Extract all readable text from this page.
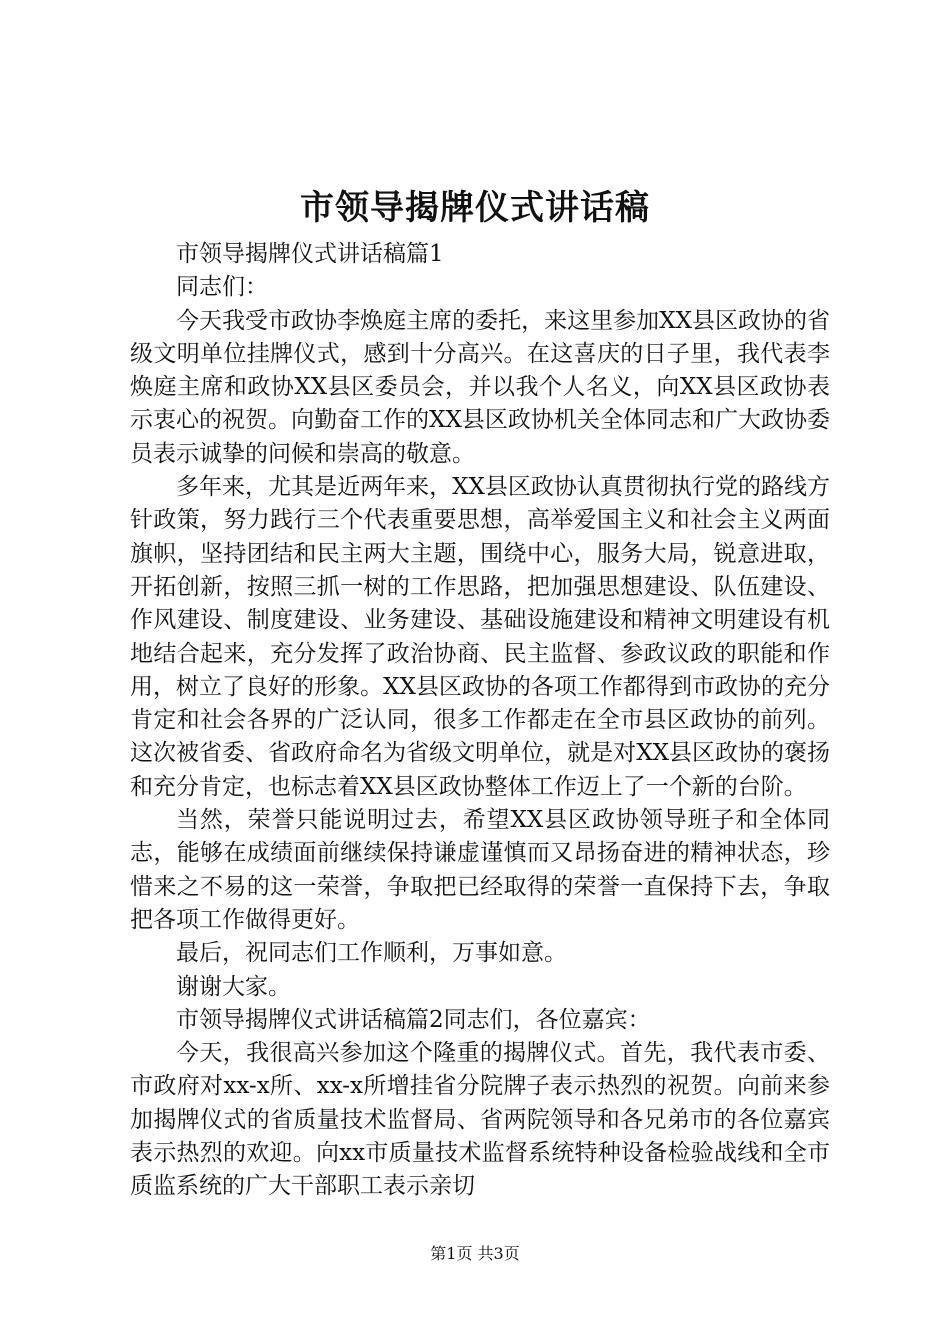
市领导揭牌仪式讲话稿

市领导揭牌仪式讲话稿篇1

同志们：

今天我受市政协李焕庭主席的委托，来这里参加XX县区政协的省级文明单位挂牌仪式，感到十分高兴。在这喜庆的日子里，我代表李焕庭主席和政协XX县区委员会，并以我个人名义，向XX县区政协表示衷心的祝贺。向勤奋工作的XX县区政协机关全体同志和广大政协委员表示诚挚的问候和崇高的敬意。

多年来，尤其是近两年来，XX县区政协认真贯彻执行党的路线方针政策，努力践行三个代表重要思想，高举爱国主义和社会主义两面旗帜，坚持团结和民主两大主题，围绕中心，服务大局，锐意进取，开拓创新，按照三抓一树的工作思路，把加强思想建设、队伍建设、作风建设、制度建设、业务建设、基础设施建设和精神文明建设有机地结合起来，充分发挥了政治协商、民主监督、参政议政的职能和作用，树立了良好的形象。XX县区政协的各项工作都得到市政协的充分肯定和社会各界的广泛认同，很多工作都走在全市县区政协的前列。这次被省委、省政府命名为省级文明单位，就是对XX县区政协的褒扬和充分肯定，也标志着XX县区政协整体工作迈上了一个新的台阶。

当然，荣誉只能说明过去，希望XX县区政协领导班子和全体同志，能够在成绩面前继续保持谦虚谨慎而又昂扬奋进的精神状态，珍惜来之不易的这一荣誉，争取把已经取得的荣誉一直保持下去，争取把各项工作做得更好。

最后，祝同志们工作顺利，万事如意。

谢谢大家。

市领导揭牌仪式讲话稿篇2同志们，各位嘉宾：

今天，我很高兴参加这个隆重的揭牌仪式。首先，我代表市委、市政府对xx-x所、xx-x所增挂省分院牌子表示热烈的祝贺。向前来参加揭牌仪式的省质量技术监督局、省两院领导和各兄弟市的各位嘉宾表示热烈的欢迎。向xx市质量技术监督系统特种设备检验战线和全市质监系统的广大干部职工表示亲切

第1页 共3页
